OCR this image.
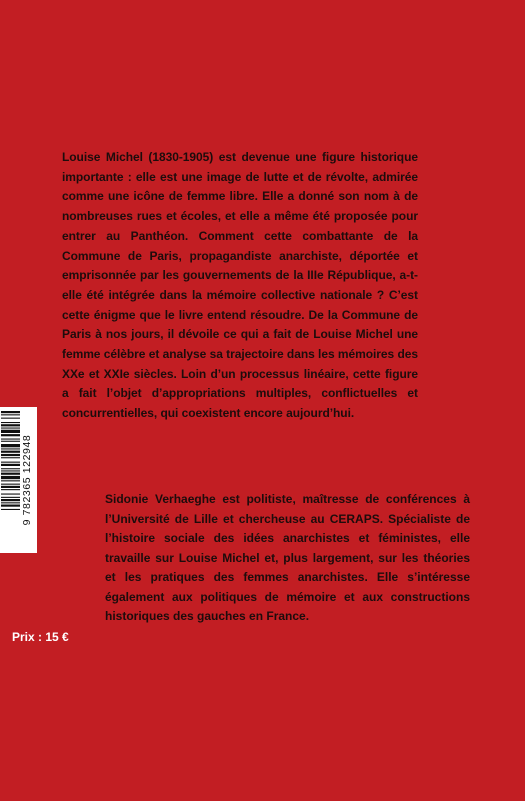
Louise Michel (1830-1905) est devenue une figure historique importante : elle est une image de lutte et de révolte, admirée comme une icône de femme libre. Elle a donné son nom à de nombreuses rues et écoles, et elle a même été proposée pour entrer au Panthéon. Comment cette combattante de la Commune de Paris, propagandiste anarchiste, déportée et emprisonnée par les gouvernements de la IIIe République, a-t-elle été intégrée dans la mémoire collective nationale ? C’est cette énigme que le livre entend résoudre. De la Commune de Paris à nos jours, il dévoile ce qui a fait de Louise Michel une femme célèbre et analyse sa trajectoire dans les mémoires des XXe et XXIe siècles. Loin d’un processus linéaire, cette figure a fait l’objet d’appropriations multiples, conflictuelles et concurrentielles, qui coexistent encore aujourd’hui.

9 782365 122948	Sidonie Verhaeghe est politiste, maîtresse de conférences à l’Université de Lille et chercheuse au CERAPS. Spécialiste de l’histoire sociale des idées anarchistes et féministes, elle travaille sur Louise Michel et, plus largement, sur les théories et les pratiques des femmes anarchistes. Elle s’intéresse également aux politiques de mémoire et aux constructions historiques des gauches en France.

Prix : 15 €
